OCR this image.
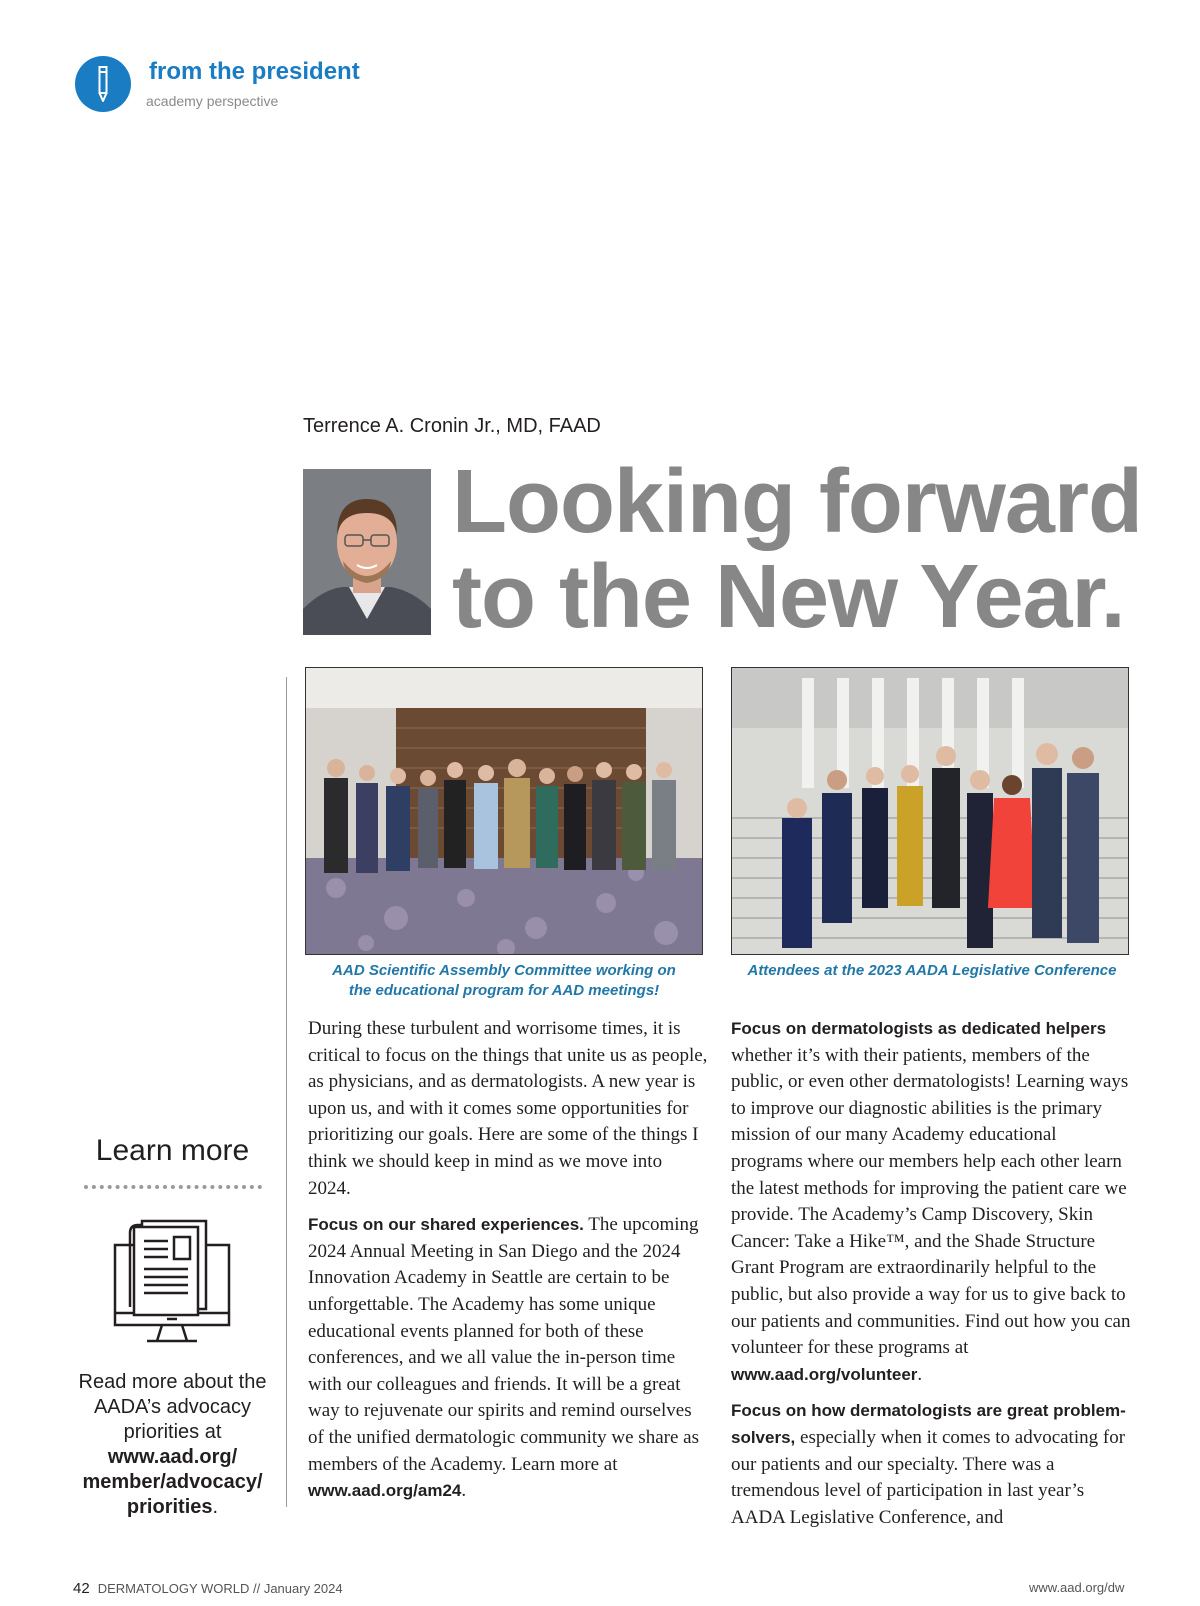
from the president
academy perspective
Terrence A. Cronin Jr., MD, FAAD
Looking forward
to the New Year.
AAD Scientific Assembly Committee working on
the educational program for AAD meetings!
Attendees at the 2023 AADA Legislative Conference

During these turbulent and worrisome times, it is critical to focus on the things that unite us as people, as physicians, and as dermatologists. A new year is upon us, and with it comes some opportunities for prioritizing our goals. Here are some of the things I think we should keep in mind as we move into 2024.

Focus on our shared experiences. The upcoming 2024 Annual Meeting in San Diego and the 2024 Innovation Academy in Seattle are certain to be unforgettable. The Academy has some unique educational events planned for both of these conferences, and we all value the in-person time with our colleagues and friends. It will be a great way to rejuvenate our spirits and remind ourselves of the unified dermatologic community we share as members of the Academy. Learn more at www.aad.org/am24.

Focus on dermatologists as dedicated helpers whether it’s with their patients, members of the public, or even other dermatologists! Learning ways to improve our diagnostic abilities is the primary mission of our many Academy educational programs where our members help each other learn the latest methods for improving the patient care we provide. The Academy’s Camp Discovery, Skin Cancer: Take a Hike™, and the Shade Structure Grant Program are extraordinarily helpful to the public, but also provide a way for us to give back to our patients and communities. Find out how you can volunteer for these programs at www.aad.org/volunteer.

Focus on how dermatologists are great problem-solvers, especially when it comes to advocating for our patients and our specialty. There was a tremendous level of participation in last year’s AADA Legislative Conference, and

Learn more
Read more about the AADA’s advocacy priorities at www.aad.org/ member/advocacy/ priorities.
42 DERMATOLOGY WORLD // January 2024	www.aad.org/dw
